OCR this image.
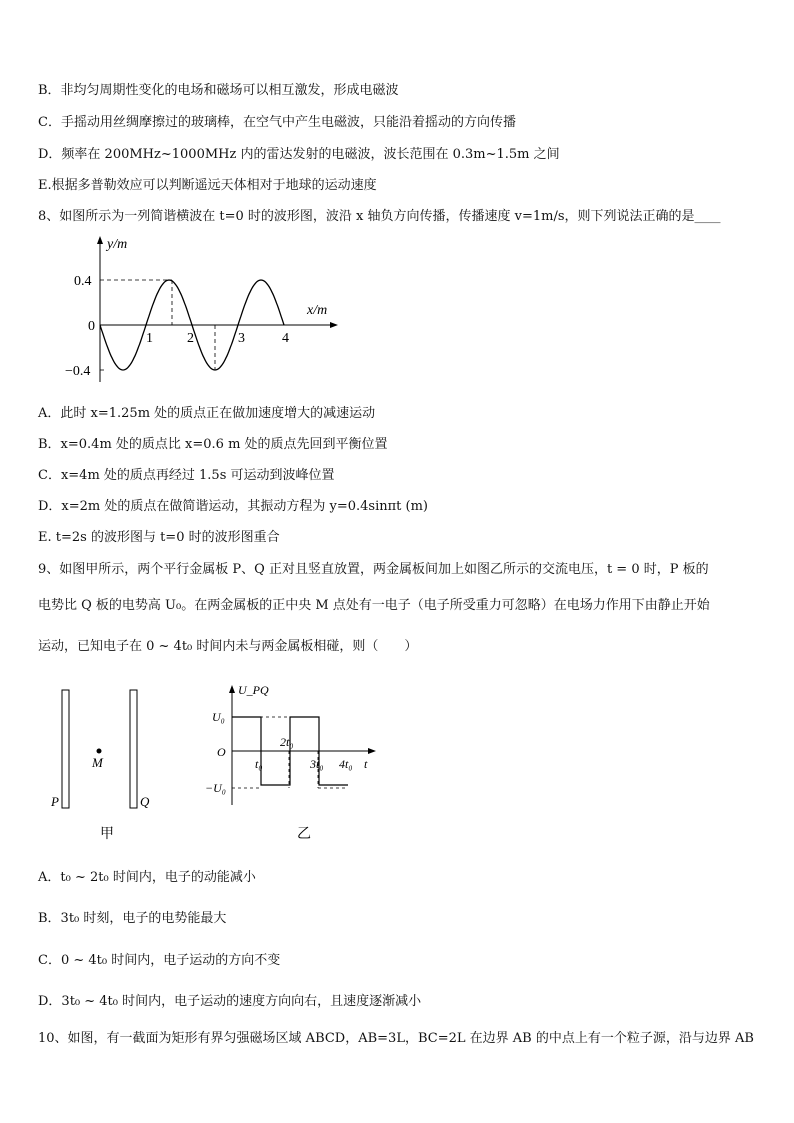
B．非均匀周期性变化的电场和磁场可以相互激发，形成电磁波
C．手摇动用丝绸摩擦过的玻璃棒，在空气中产生电磁波，只能沿着摇动的方向传播
D．频率在 200MHz~1000MHz 内的雷达发射的电磁波，波长范围在 0.3m~1.5m 之间
E.根据多普勒效应可以判断遥远天体相对于地球的运动速度
8、如图所示为一列简谐横波在 t=0 时的波形图，波沿 x 轴负方向传播，传播速度 v=1m/s，则下列说法正确的是____
y/m
x/m
0.4
0
−0.4
1 2	3	4
A．此时 x=1.25m 处的质点正在做加速度增大的减速运动
B．x=0.4m 处的质点比 x=0.6 m 处的质点先回到平衡位置
C．x=4m 处的质点再经过 1.5s 可运动到波峰位置
D．x=2m 处的质点在做简谐运动，其振动方程为 y=0.4sinπt (m)
E. t=2s 的波形图与 t=0 时的波形图重合
9、如图甲所示，两个平行金属板 P、Q 正对且竖直放置，两金属板间加上如图乙所示的交流电压，t = 0 时，P 板的
电势比 Q 板的电势高 U₀。在两金属板的正中央 M 点处有一电子（电子所受重力可忽略）在电场力作用下由静止开始
运动，已知电子在 0 ~ 4t₀ 时间内未与两金属板相碰，则（　　）
M
P	Q
甲
U_PQ
U₀
O
−U₀
t₀
2t₀
3t₀ 4t₀ t
乙
A．t₀ ~ 2t₀ 时间内，电子的动能减小
B．3t₀ 时刻，电子的电势能最大
C．0 ~ 4t₀ 时间内，电子运动的方向不变
D．3t₀ ~ 4t₀ 时间内，电子运动的速度方向向右，且速度逐渐减小
10、如图，有一截面为矩形有界匀强磁场区域 ABCD，AB=3L，BC=2L 在边界 AB 的中点上有一个粒子源，沿与边界 AB
